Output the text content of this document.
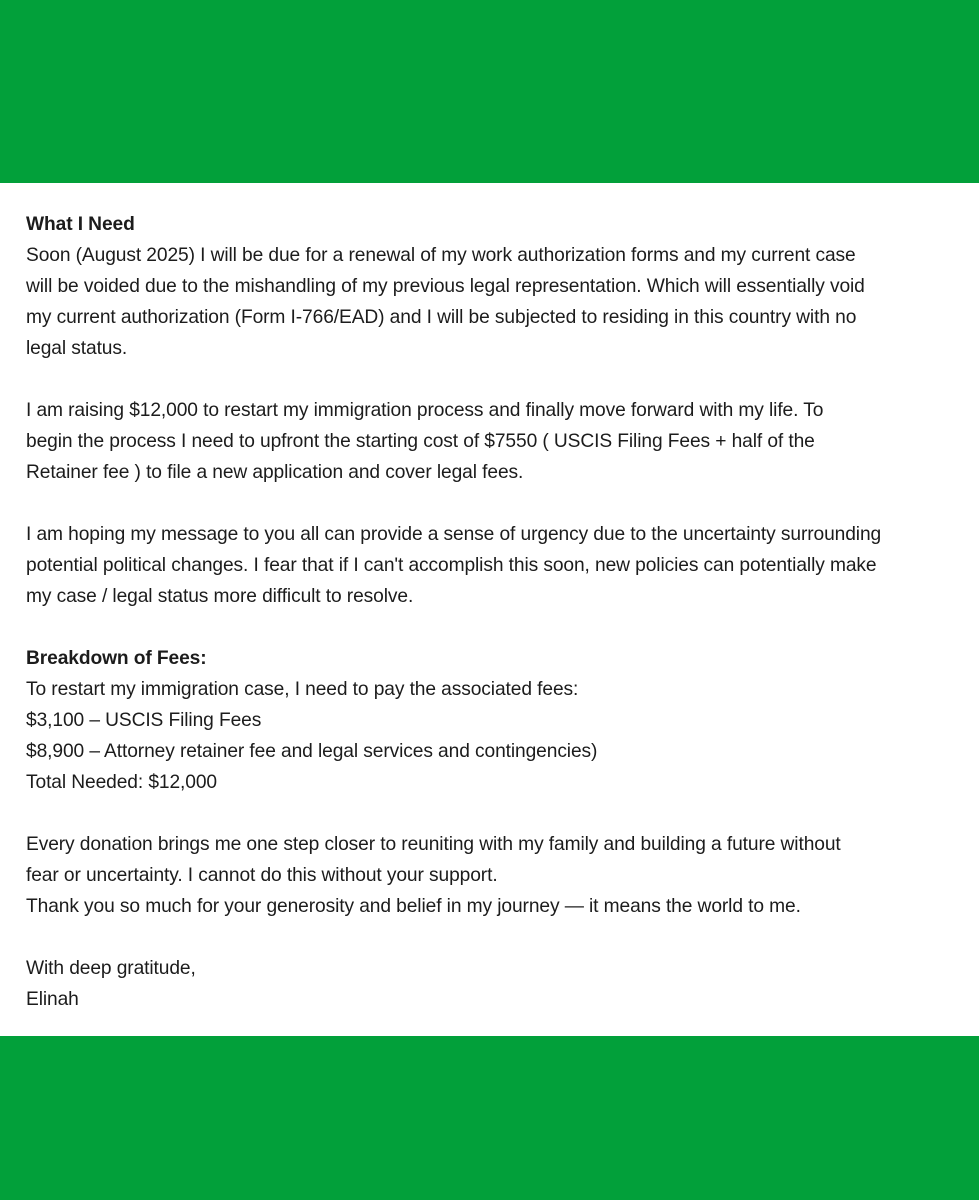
What I Need
Soon (August 2025) I will be due for a renewal of my work authorization forms and my current case
will be voided due to the mishandling of my previous legal representation. Which will essentially void
my current authorization (Form I-766/EAD) and I will be subjected to residing in this country with no
legal status.
I am raising $12,000 to restart my immigration process and finally move forward with my life. To
begin the process I need to upfront the starting cost of $7550 ( USCIS Filing Fees + half of the
Retainer fee ) to file a new application and cover legal fees.
I am hoping my message to you all can provide a sense of urgency due to the uncertainty surrounding
potential political changes. I fear that if I can't accomplish this soon, new policies can potentially make
my case / legal status more difficult to resolve.
Breakdown of Fees:
To restart my immigration case, I need to pay the associated fees:
$3,100 – USCIS Filing Fees
$8,900 – Attorney retainer fee and legal services and contingencies)
Total Needed: $12,000
Every donation brings me one step closer to reuniting with my family and building a future without
fear or uncertainty. I cannot do this without your support.
Thank you so much for your generosity and belief in my journey — it means the world to me.
With deep gratitude,
Elinah
